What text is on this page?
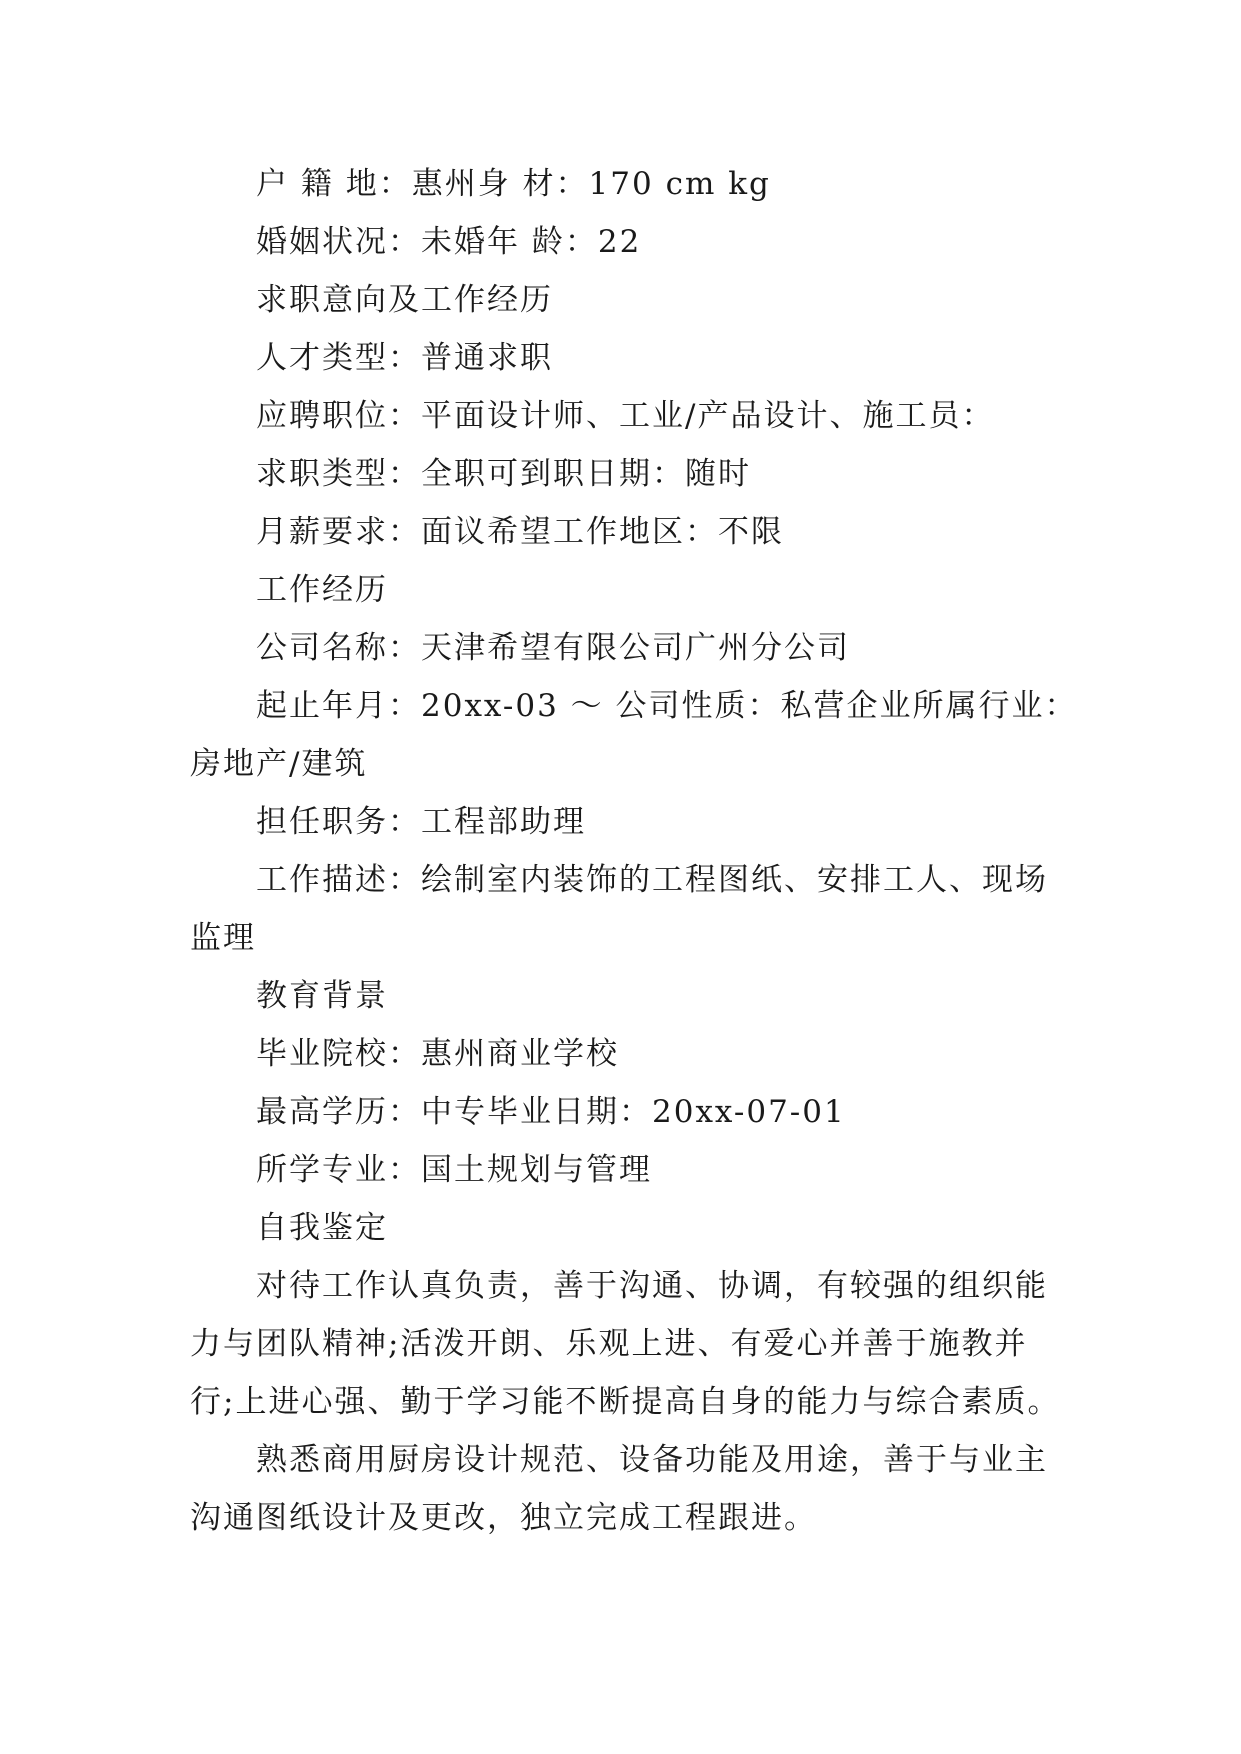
户 籍 地：惠州身 材：170 cm kg
婚姻状况：未婚年 龄：22
求职意向及工作经历
人才类型：普通求职
应聘职位：平面设计师、工业/产品设计、施工员：
求职类型：全职可到职日期：随时
月薪要求：面议希望工作地区：不限
工作经历
公司名称：天津希望有限公司广州分公司
起止年月：20xx-03 ～ 公司性质：私营企业所属行业：
房地产/建筑
担任职务：工程部助理
工作描述：绘制室内装饰的工程图纸、安排工人、现场
监理
教育背景
毕业院校：惠州商业学校
最高学历：中专毕业日期：20xx-07-01
所学专业：国土规划与管理
自我鉴定
对待工作认真负责，善于沟通、协调，有较强的组织能
力与团队精神;活泼开朗、乐观上进、有爱心并善于施教并
行;上进心强、勤于学习能不断提高自身的能力与综合素质。
熟悉商用厨房设计规范、设备功能及用途，善于与业主
沟通图纸设计及更改，独立完成工程跟进。
